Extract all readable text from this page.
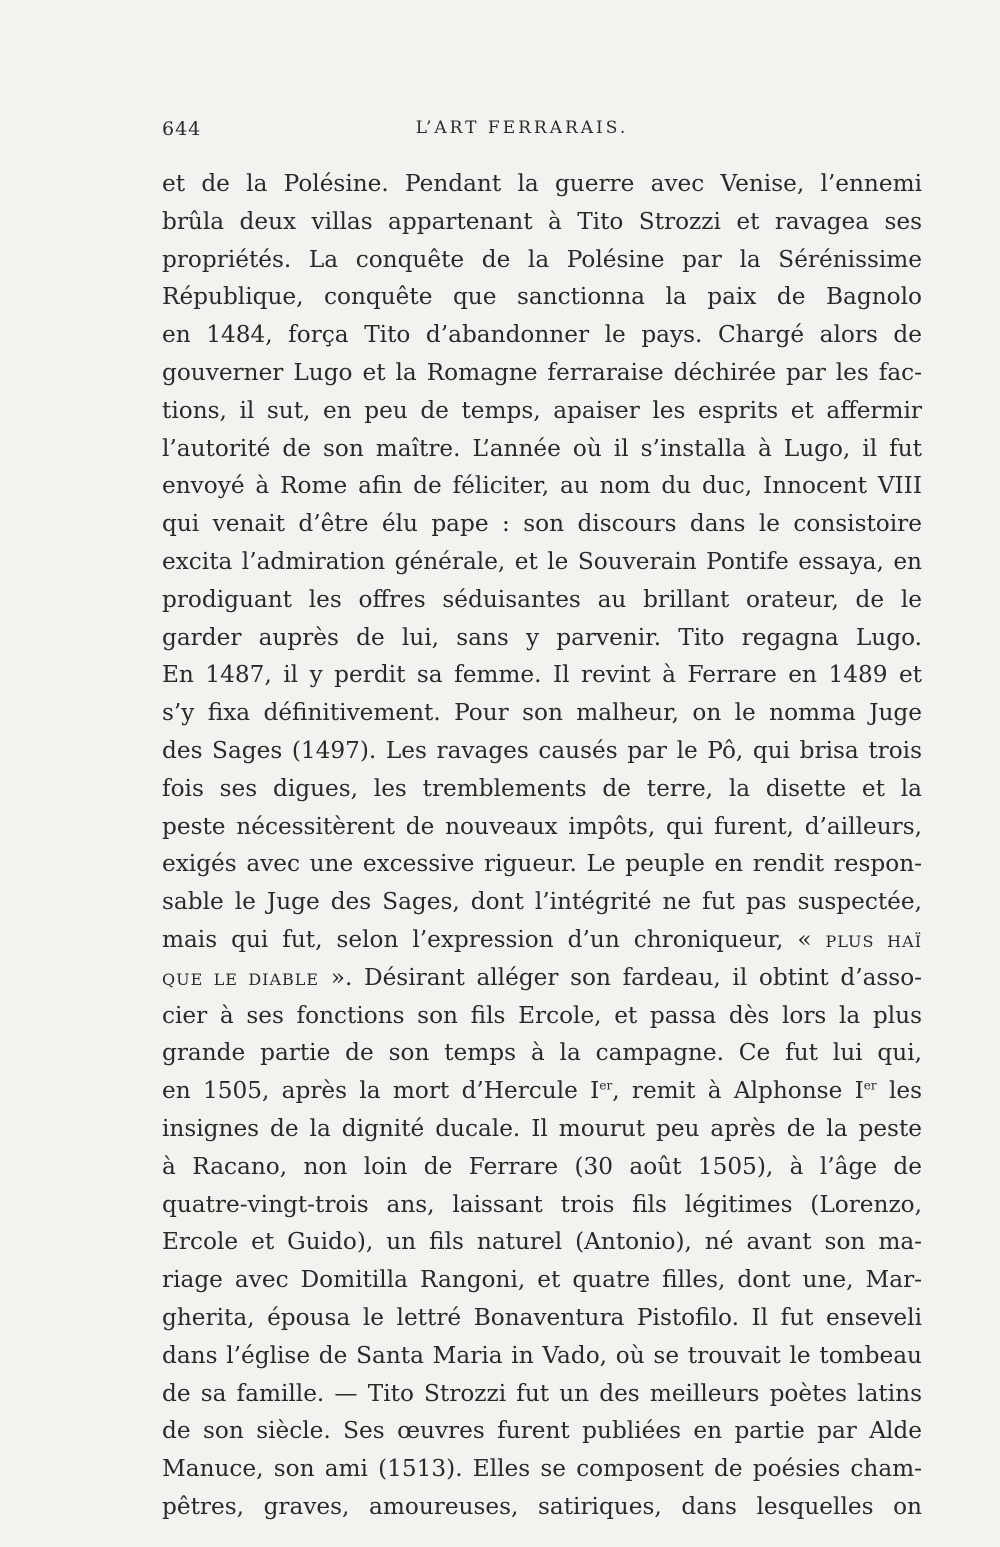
644	L’ART FERRARAIS.
et de la Polésine. Pendant la guerre avec Venise, l’ennemi
brûla deux villas appartenant à Tito Strozzi et ravagea ses
propriétés. La conquête de la Polésine par la Sérénissime
République, conquête que sanctionna la paix de Bagnolo
en 1484, força Tito d’abandonner le pays. Chargé alors de
gouverner Lugo et la Romagne ferraraise déchirée par les fac-
tions, il sut, en peu de temps, apaiser les esprits et affermir
l’autorité de son maître. L’année où il s’installa à Lugo, il fut
envoyé à Rome afin de féliciter, au nom du duc, Innocent VIII
qui venait d’être élu pape : son discours dans le consistoire
excita l’admiration générale, et le Souverain Pontife essaya, en
prodiguant les offres séduisantes au brillant orateur, de le
garder auprès de lui, sans y parvenir. Tito regagna Lugo.
En 1487, il y perdit sa femme. Il revint à Ferrare en 1489 et
s’y fixa définitivement. Pour son malheur, on le nomma Juge
des Sages (1497). Les ravages causés par le Pô, qui brisa trois
fois ses digues, les tremblements de terre, la disette et la
peste nécessitèrent de nouveaux impôts, qui furent, d’ailleurs,
exigés avec une excessive rigueur. Le peuple en rendit respon-
sable le Juge des Sages, dont l’intégrité ne fut pas suspectée,
mais qui fut, selon l’expression d’un chroniqueur, « PLUS HAÏ
QUE LE DIABLE ». Désirant alléger son fardeau, il obtint d’asso-
cier à ses fonctions son fils Ercole, et passa dès lors la plus
grande partie de son temps à la campagne. Ce fut lui qui,
en 1505, après la mort d’Hercule Ier, remit à Alphonse Ier les
insignes de la dignité ducale. Il mourut peu après de la peste
à Racano, non loin de Ferrare (30 août 1505), à l’âge de
quatre-vingt-trois ans, laissant trois fils légitimes (Lorenzo,
Ercole et Guido), un fils naturel (Antonio), né avant son ma-
riage avec Domitilla Rangoni, et quatre filles, dont une, Mar-
gherita, épousa le lettré Bonaventura Pistofilo. Il fut enseveli
dans l’église de Santa Maria in Vado, où se trouvait le tombeau
de sa famille. — Tito Strozzi fut un des meilleurs poètes latins
de son siècle. Ses œuvres furent publiées en partie par Alde
Manuce, son ami (1513). Elles se composent de poésies cham-
pêtres, graves, amoureuses, satiriques, dans lesquelles on
